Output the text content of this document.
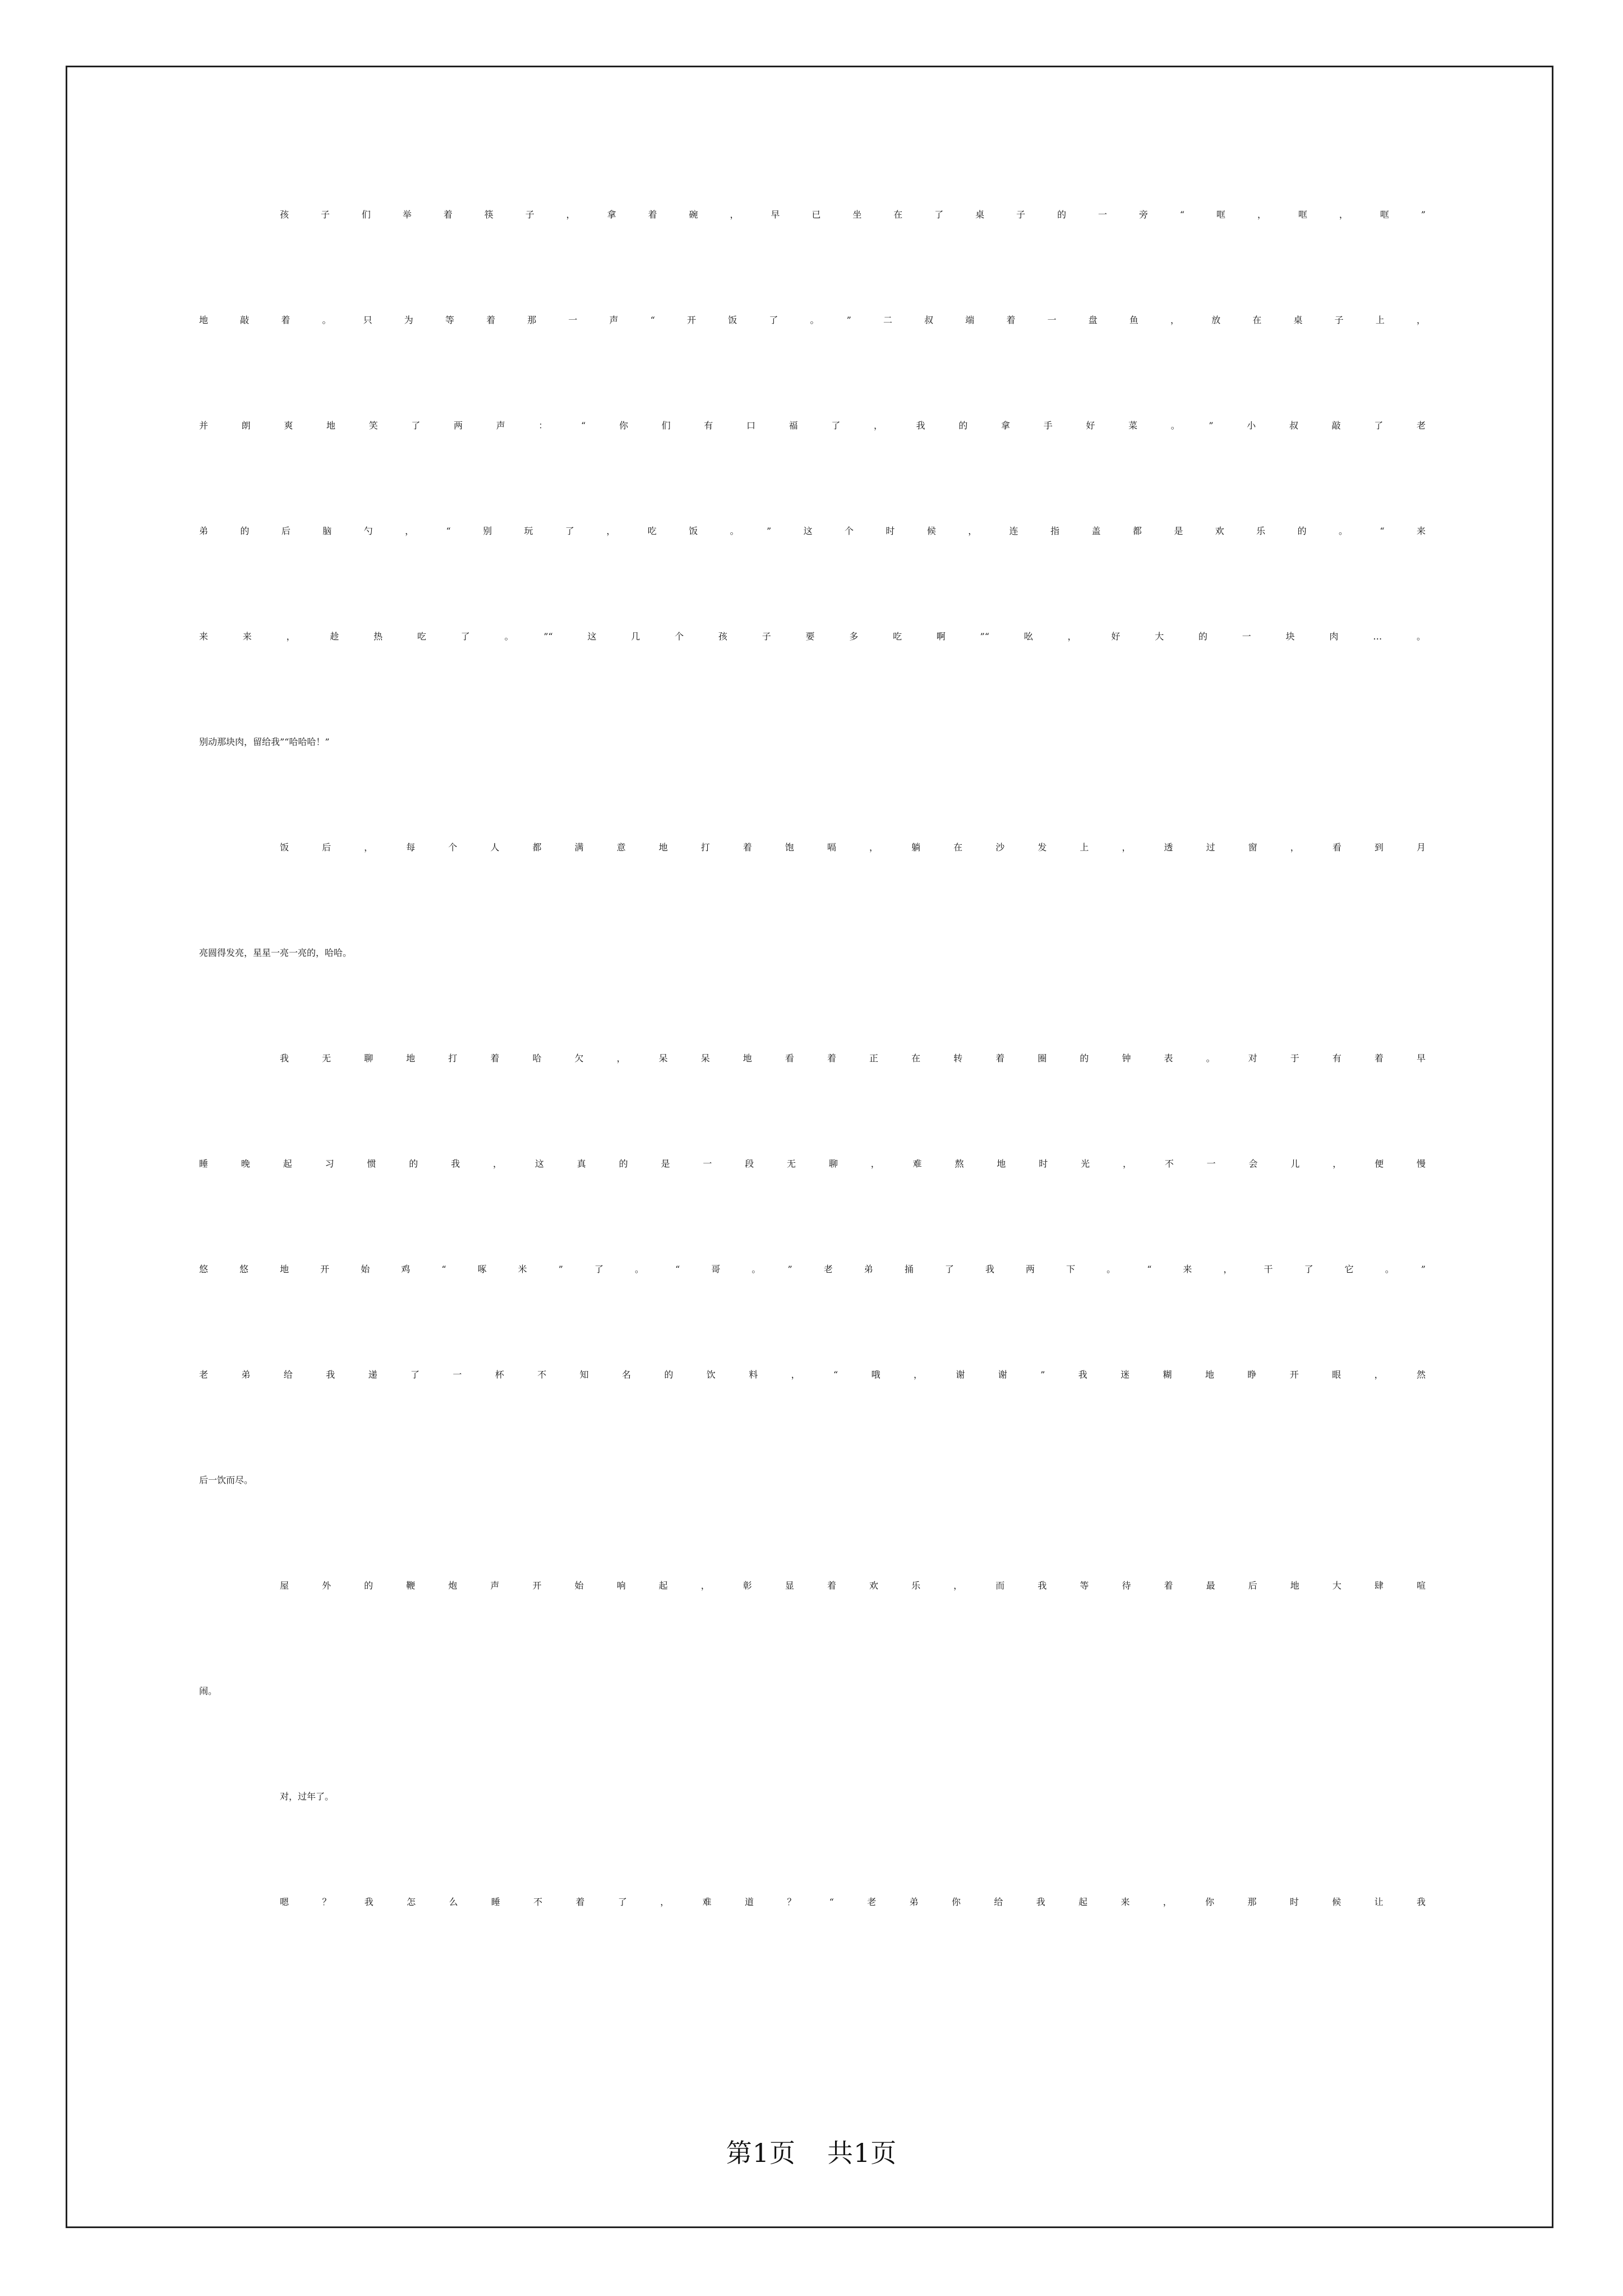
孩子们举着筷子，拿着碗，早已坐在了桌子的一旁“哐，哐，哐”
地敲着。只为等着那一声“开饭了。”二叔端着一盘鱼，放在桌子上，
并朗爽地笑了两声：“你们有口福了，我的拿手好菜。”小叔敲了老
弟的后脑勺，“别玩了，吃饭。”这个时候，连指盖都是欢乐的。“来
来来，趁热吃了。”“这几个孩子要多吃啊”“吆，好大的一块肉…。
别动那块肉，留给我”“哈哈哈！”
饭后，每个人都满意地打着饱嗝，躺在沙发上，透过窗，看到月
亮圆得发亮，星星一亮一亮的，哈哈。
我无聊地打着哈欠，呆呆地看着正在转着圈的钟表。对于有着早
睡晚起习惯的我，这真的是一段无聊，难熬地时光，不一会儿，便慢
悠悠地开始鸡“啄米”了。“哥。”老弟捅了我两下。“来，干了它。”
老弟给我递了一杯不知名的饮料，“哦，谢谢”我迷糊地睁开眼，然
后一饮而尽。
屋外的鞭炮声开始响起，彰显着欢乐，而我等待着最后地大肆喧
闹。
对，过年了。
嗯？我怎么睡不着了，难道？“老弟你给我起来，你那时候让我
第1页 共1页
